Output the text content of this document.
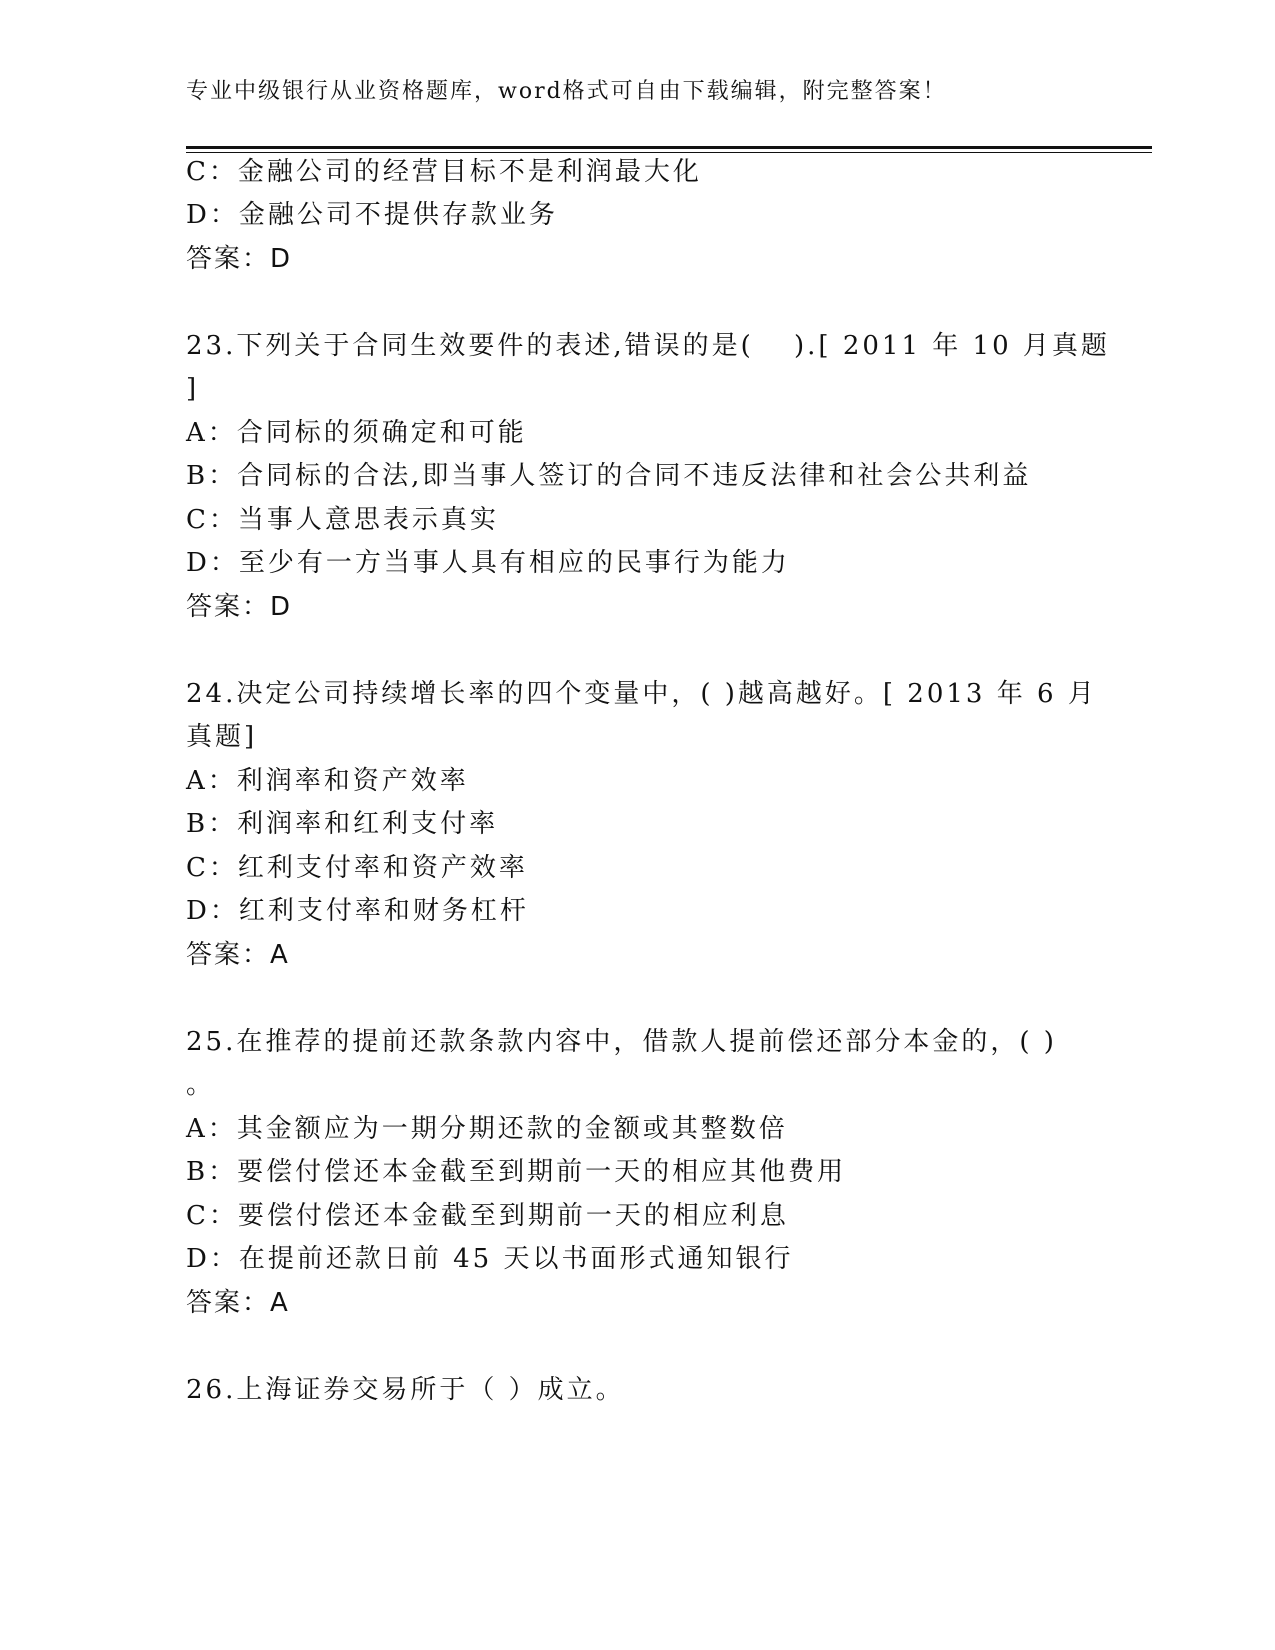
专业中级银行从业资格题库，word格式可自由下载编辑，附完整答案！
C：金融公司的经营目标不是利润最大化
D：金融公司不提供存款业务
答案：D
23.下列关于合同生效要件的表述,错误的是(　 ).[ 2011 年 10 月真题
]
A：合同标的须确定和可能
B：合同标的合法,即当事人签订的合同不违反法律和社会公共利益
C：当事人意思表示真实
D：至少有一方当事人具有相应的民事行为能力
答案：D
24.决定公司持续增长率的四个变量中，( )越高越好。[ 2013 年 6 月
真题]
A：利润率和资产效率
B：利润率和红利支付率
C：红利支付率和资产效率
D：红利支付率和财务杠杆
答案：A
25.在推荐的提前还款条款内容中，借款人提前偿还部分本金的，( )
。
A：其金额应为一期分期还款的金额或其整数倍
B：要偿付偿还本金截至到期前一天的相应其他费用
C：要偿付偿还本金截至到期前一天的相应利息
D：在提前还款日前 45 天以书面形式通知银行
答案：A
26.上海证券交易所于（ ）成立。
